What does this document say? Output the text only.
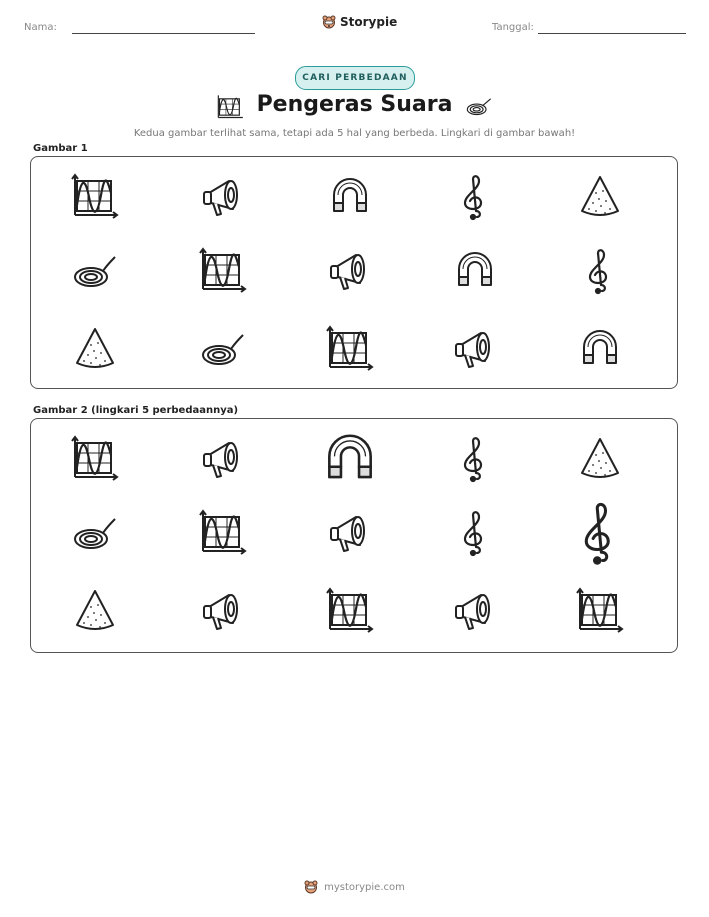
Nama:	Storypie	Tanggal:
CARI PERBEDAAN
Pengeras Suara
Kedua gambar terlihat sama, tetapi ada 5 hal yang berbeda. Lingkari di gambar bawah!
Gambar 1
Gambar 2 (lingkari 5 perbedaannya)
mystorypie.com
